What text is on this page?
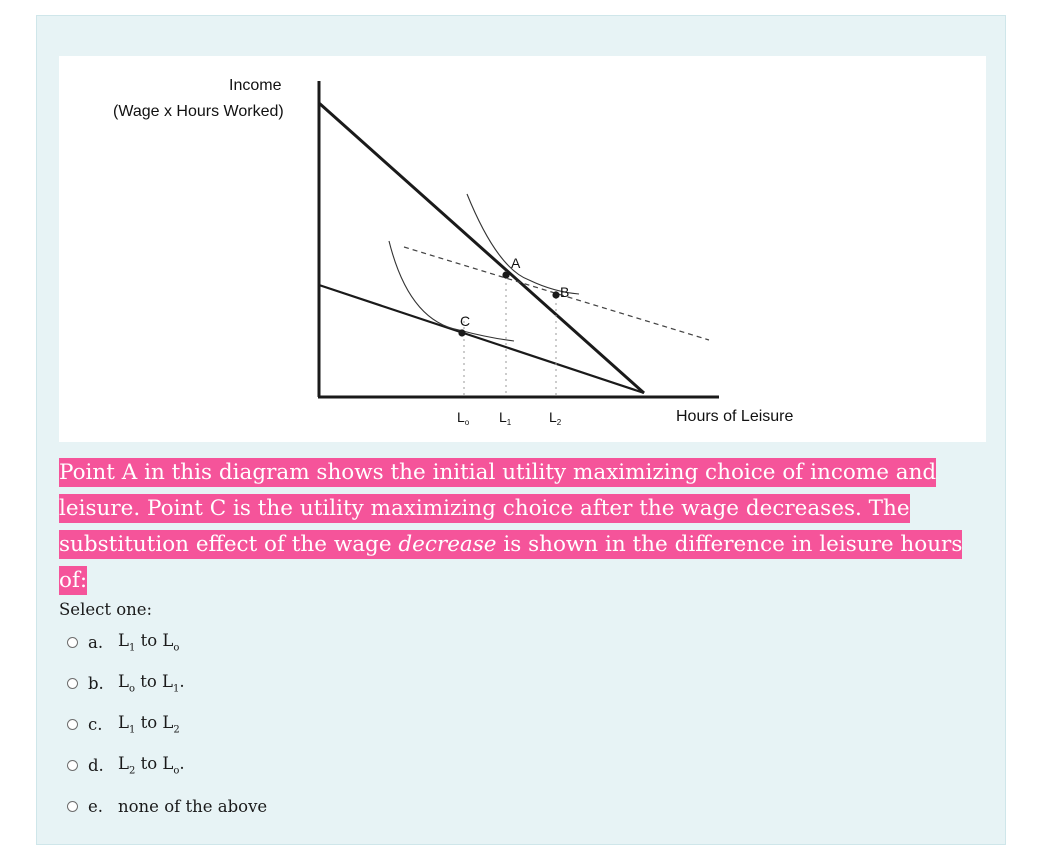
A
B
C
Income
(Wage x Hours Worked)
Hours of Leisure
$L_o$ $L_1$	$L_2$
Point A in this diagram shows the initial utility maximizing choice of income and
leisure. Point C is the utility maximizing choice after the wage decreases. The
substitution effect of the wage decrease is shown in the difference in leisure hours of:
Select one:
a. $L_1$ to $L_o$
b. $L_o$ to $L_1$.
c. $L_1$ to $L_2$
d. $L_2$ to $L_o$.
e. none of the above
